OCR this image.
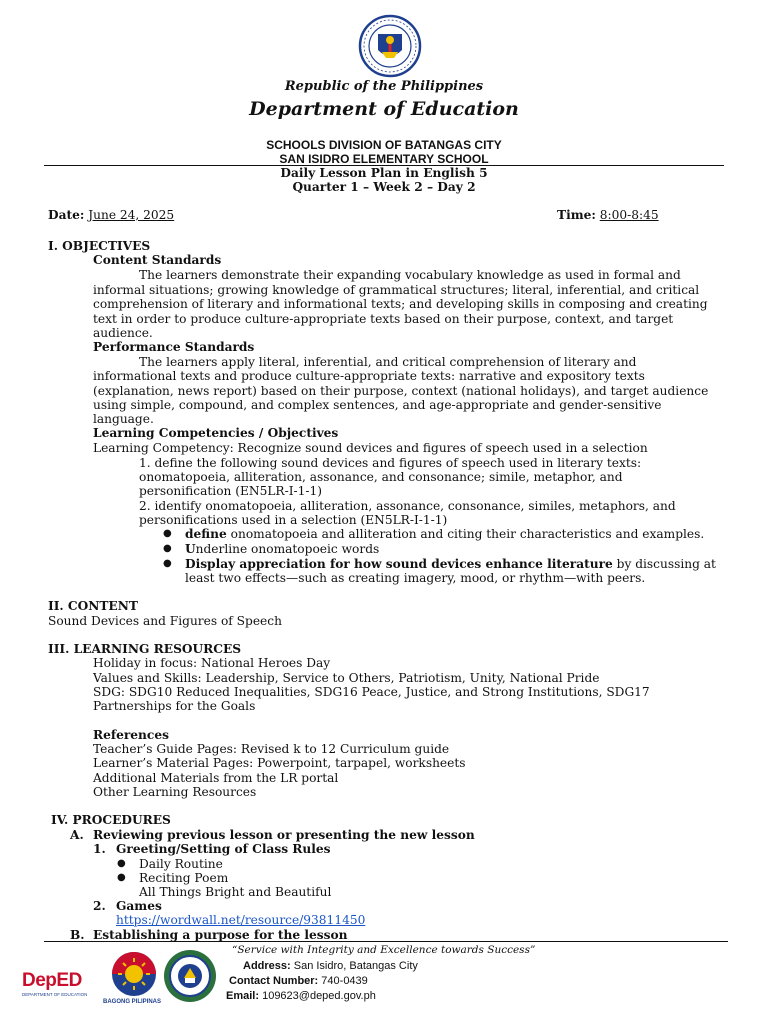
Republic of the Philippines
Department of Education
SCHOOLS DIVISION OF BATANGAS CITY
SAN ISIDRO ELEMENTARY SCHOOL
Daily Lesson Plan in English 5
Quarter 1 – Week 2 – Day 2
Date: June 24, 2025	Time: 8:00-8:45
I. OBJECTIVES
Content Standards
The learners demonstrate their expanding vocabulary knowledge as used in formal and
informal situations; growing knowledge of grammatical structures; literal, inferential, and critical
comprehension of literary and informational texts; and developing skills in composing and creating
text in order to produce culture-appropriate texts based on their purpose, context, and target
audience.
Performance Standards
The learners apply literal, inferential, and critical comprehension of literary and
informational texts and produce culture-appropriate texts: narrative and expository texts
(explanation, news report) based on their purpose, context (national holidays), and target audience
using simple, compound, and complex sentences, and age-appropriate and gender-sensitive
language.
Learning Competencies / Objectives
Learning Competency: Recognize sound devices and figures of speech used in a selection
1. define the following sound devices and figures of speech used in literary texts:
onomatopoeia, alliteration, assonance, and consonance; simile, metaphor, and
personification (EN5LR-I-1-1)
2. identify onomatopoeia, alliteration, assonance, consonance, similes, metaphors, and
personifications used in a selection (EN5LR-I-1-1)
● define onomatopoeia and alliteration and citing their characteristics and examples.
● Underline onomatopoeic words
● Display appreciation for how sound devices enhance literature by discussing at
least two effects—such as creating imagery, mood, or rhythm—with peers.
II. CONTENT
Sound Devices and Figures of Speech
III. LEARNING RESOURCES
Holiday in focus: National Heroes Day
Values and Skills: Leadership, Service to Others, Patriotism, Unity, National Pride
SDG: SDG10 Reduced Inequalities, SDG16 Peace, Justice, and Strong Institutions, SDG17
Partnerships for the Goals
References
Teacher’s Guide Pages: Revised k to 12 Curriculum guide
Learner’s Material Pages: Powerpoint, tarpapel, worksheets
Additional Materials from the LR portal
Other Learning Resources
IV. PROCEDURES
A. Reviewing previous lesson or presenting the new lesson
1. Greeting/Setting of Class Rules
● Daily Routine
● Reciting Poem
All Things Bright and Beautiful
2. Games
https://wordwall.net/resource/93811450
B. Establishing a purpose for the lesson
DepED
DEPARTMENT OF EDUCATION
BAGONG PILIPINAS
“Service with Integrity and Excellence towards Success”
Address: San Isidro, Batangas City
Contact Number: 740-0439
Email: 109623@deped.gov.ph
